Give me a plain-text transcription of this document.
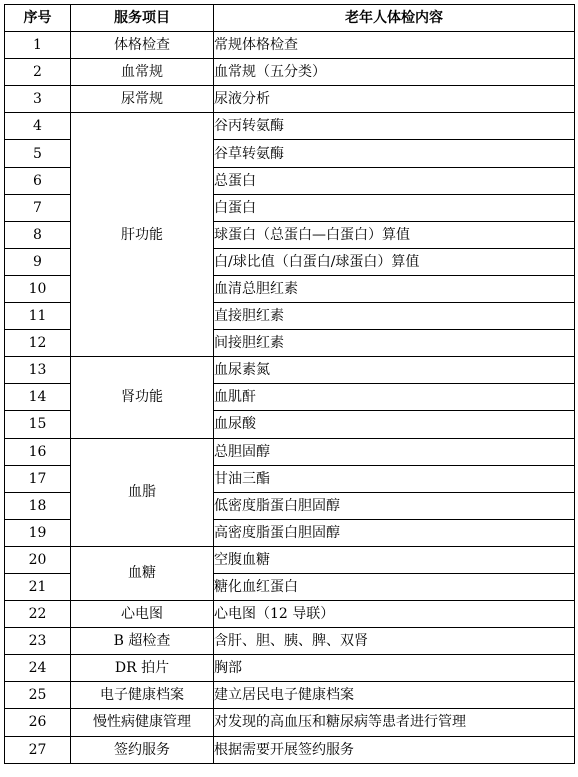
序号	服务项目	老年人体检内容
1	体格检查	常规体格检查
2	血常规	血常规（五分类）
3	尿常规	尿液分析
4	肝功能	谷丙转氨酶
5		谷草转氨酶
6		总蛋白
7		白蛋白
8		球蛋白（总蛋白—白蛋白）算值
9		白/球比值（白蛋白/球蛋白）算值
10		血清总胆红素
11		直接胆红素
12		间接胆红素
13	肾功能	血尿素氮
14		血肌酐
15		血尿酸
16	血脂	总胆固醇
17		甘油三酯
18		低密度脂蛋白胆固醇
19		高密度脂蛋白胆固醇
20	血糖	空腹血糖
21		糖化血红蛋白
22	心电图	心电图（12 导联）
23	B 超检查	含肝、胆、胰、脾、双肾
24	DR 拍片	胸部
25	电子健康档案	建立居民电子健康档案
26	慢性病健康管理	对发现的高血压和糖尿病等患者进行管理
27	签约服务	根据需要开展签约服务
